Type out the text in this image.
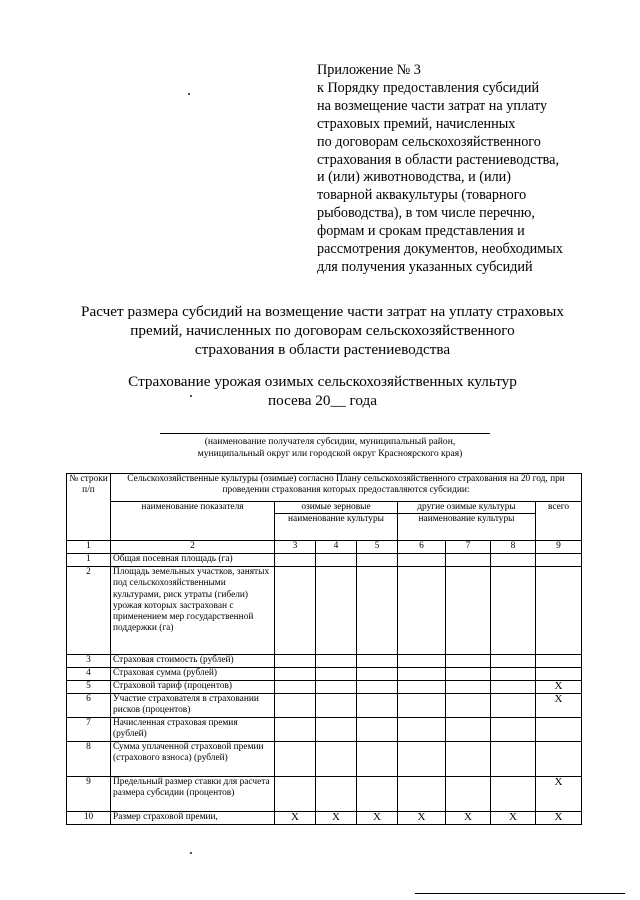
Приложение № 3
к Порядку предоставления субсидий
на возмещение части затрат на уплату
страховых премий, начисленных
по договорам сельскохозяйственного
страхования в области растениеводства,
и (или) животноводства, и (или)
товарной аквакультуры (товарного
рыбоводства), в том числе перечню,
формам и срокам представления и
рассмотрения документов, необходимых
для получения указанных субсидий
Расчет размера субсидий на возмещение части затрат на уплату страховых
премий, начисленных по договорам сельскохозяйственного
страхования в области растениеводства
Страхование урожая озимых сельскохозяйственных культур
посева 20__ года
(наименование получателя субсидии, муниципальный район,
муниципальный округ или городской округ Красноярского края)
№ строки п/п	Сельскохозяйственные культуры (озимые) согласно Плану сельскохозяйственного страхования на 20 год, при проведении страхования которых предоставляются субсидии:							
	наименование показателя	озимые зерновые			другие озимые культуры			всего
		наименование культуры			наименование культуры			
1	2	3	4	5	6	7	8	9
1	Общая посевная площадь (га)							
2	Площадь земельных участков, занятых под сельскохозяйственными культурами, риск утраты (гибели) урожая которых застрахован с применением мер государственной поддержки (га)							
3	Страховая стоимость (рублей)							
4	Страховая сумма (рублей)							
5	Страховой тариф (процентов)							Х
6	Участие страхователя в страховании рисков (процентов)							Х
7	Начисленная страховая премия (рублей)							
8	Сумма уплаченной страховой премии (страхового взноса) (рублей)							
9	Предельный размер ставки для расчета размера субсидии (процентов)							Х
10	Размер страховой премии,	Х	Х	Х	Х	Х	Х	Х
